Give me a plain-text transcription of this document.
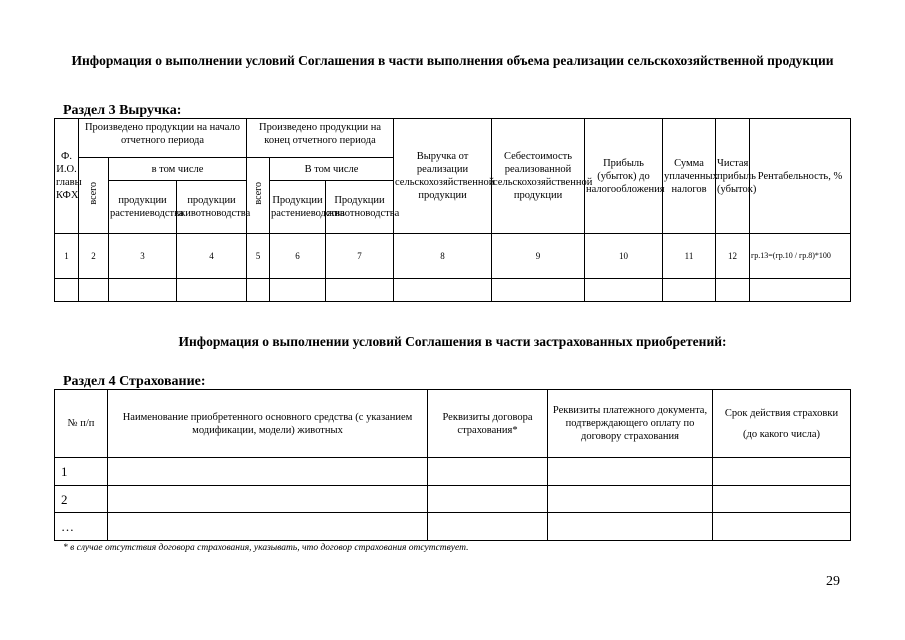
Информация о выполнении условий Соглашения в части выполнения объема реализации сельскохозяйственной продукции
Раздел 3 Выручка:
Ф. И.О. главы КФХ	Произведено продукции на начало отчетного периода			Произведено продукции на конец отчетного периода			Выручка от реализации сельскохозяйственной продукции	Себестоимость реализованной сельскохозяйственной продукции	Прибыль (убыток) до налогообложения	Сумма уплаченных налогов	Чистая прибыль (убыток)	Рентабельность, %
	всего	в том числе		всего	В том числе							
		продукции растениеводства	продукции животноводства		Продукции растениеводства	Продукции животноводства						
1	2	3	4	5	6	7	8	9	10	11	12	гр.13=(гр.10 / гр.8)*100

Информация о выполнении условий Соглашения в части застрахованных приобретений:
Раздел 4 Страхование:
№ п/п	Наименование приобретенного основного средства (с указанием модификации, модели) животных	Реквизиты договора страхования*	Реквизиты платежного документа, подтверждающего оплату по договору страхования	Срок действия страховки
(до какого числа)

1				
2				
…				
* в случае отсутствия договора страхования, указывать, что договор страхования отсутствует.
29
